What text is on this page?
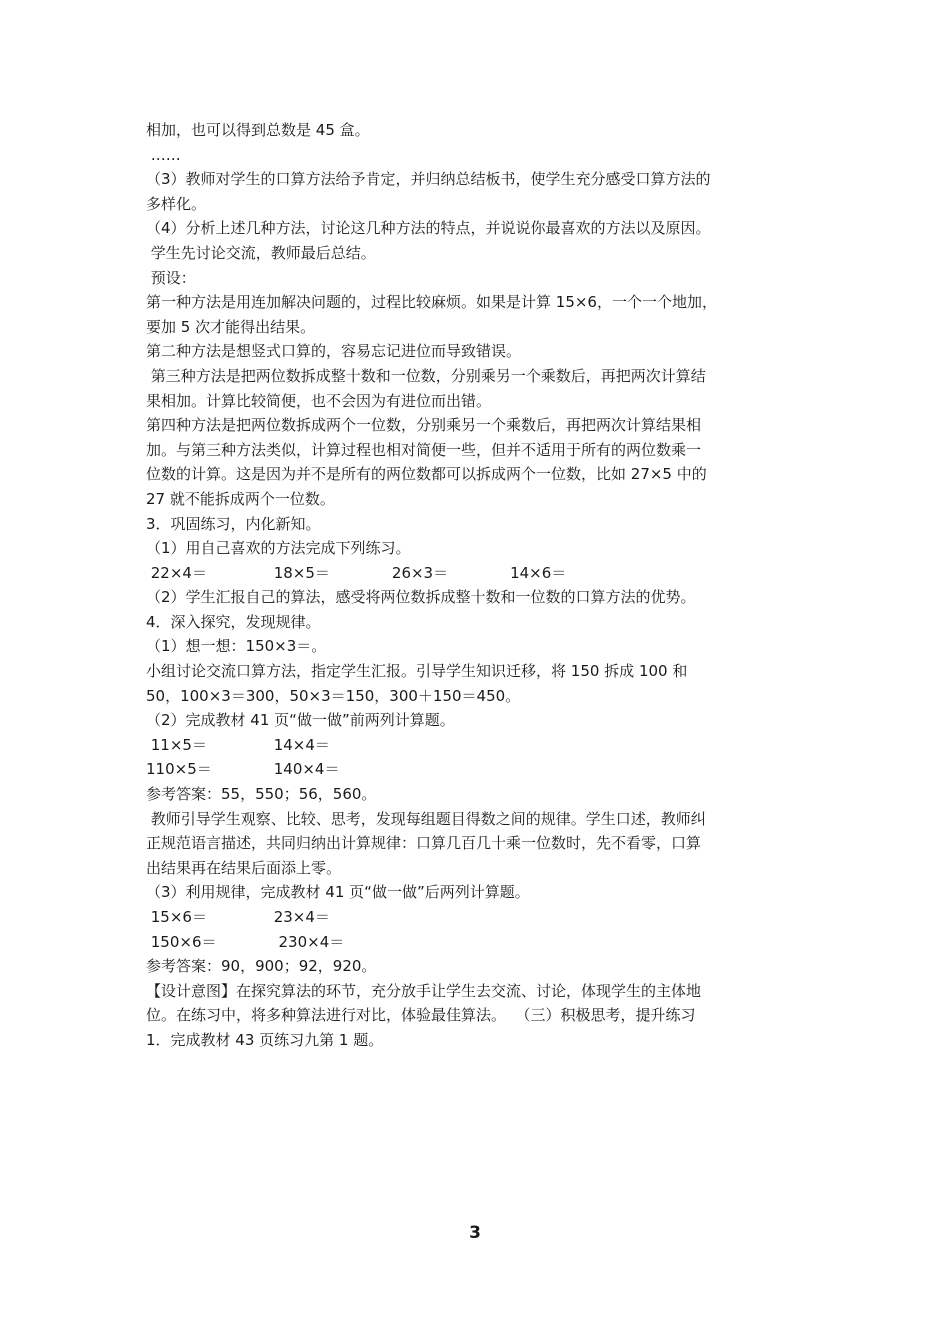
相加，也可以得到总数是 45 盒。
……
（3）教师对学生的口算方法给予肯定，并归纳总结板书，使学生充分感受口算方法的
多样化。
（4）分析上述几种方法，讨论这几种方法的特点，并说说你最喜欢的方法以及原因。
学生先讨论交流，教师最后总结。
预设：
第一种方法是用连加解决问题的，过程比较麻烦。如果是计算 15×6，一个一个地加，
要加 5 次才能得出结果。
第二种方法是想竖式口算的，容易忘记进位而导致错误。
第三种方法是把两位数拆成整十数和一位数，分别乘另一个乘数后，再把两次计算结
果相加。计算比较简便，也不会因为有进位而出错。
第四种方法是把两位数拆成两个一位数，分别乘另一个乘数后，再把两次计算结果相
加。与第三种方法类似，计算过程也相对简便一些，但并不适用于所有的两位数乘一
位数的计算。这是因为并不是所有的两位数都可以拆成两个一位数，比如 27×5 中的
27 就不能拆成两个一位数。
3．巩固练习，内化新知。
（1）用自己喜欢的方法完成下列练习。
22×4＝              18×5＝             26×3＝             14×6＝
（2）学生汇报自己的算法，感受将两位数拆成整十数和一位数的口算方法的优势。
4．深入探究，发现规律。
（1）想一想：150×3＝。
小组讨论交流口算方法，指定学生汇报。引导学生知识迁移，将 150 拆成 100 和
50，100×3＝300，50×3＝150，300＋150＝450。
（2）完成教材 41 页“做一做”前两列计算题。
11×5＝              14×4＝
110×5＝             140×4＝
参考答案：55，550；56，560。
教师引导学生观察、比较、思考，发现每组题目得数之间的规律。学生口述，教师纠
正规范语言描述，共同归纳出计算规律：口算几百几十乘一位数时，先不看零，口算
出结果再在结果后面添上零。
（3）利用规律，完成教材 41 页“做一做”后两列计算题。
15×6＝              23×4＝
150×6＝             230×4＝
参考答案：90，900；92，920。
【设计意图】在探究算法的环节，充分放手让学生去交流、讨论，体现学生的主体地
位。在练习中，将多种算法进行对比，体验最佳算法。  （三）积极思考，提升练习
1．完成教材 43 页练习九第 1 题。
3
